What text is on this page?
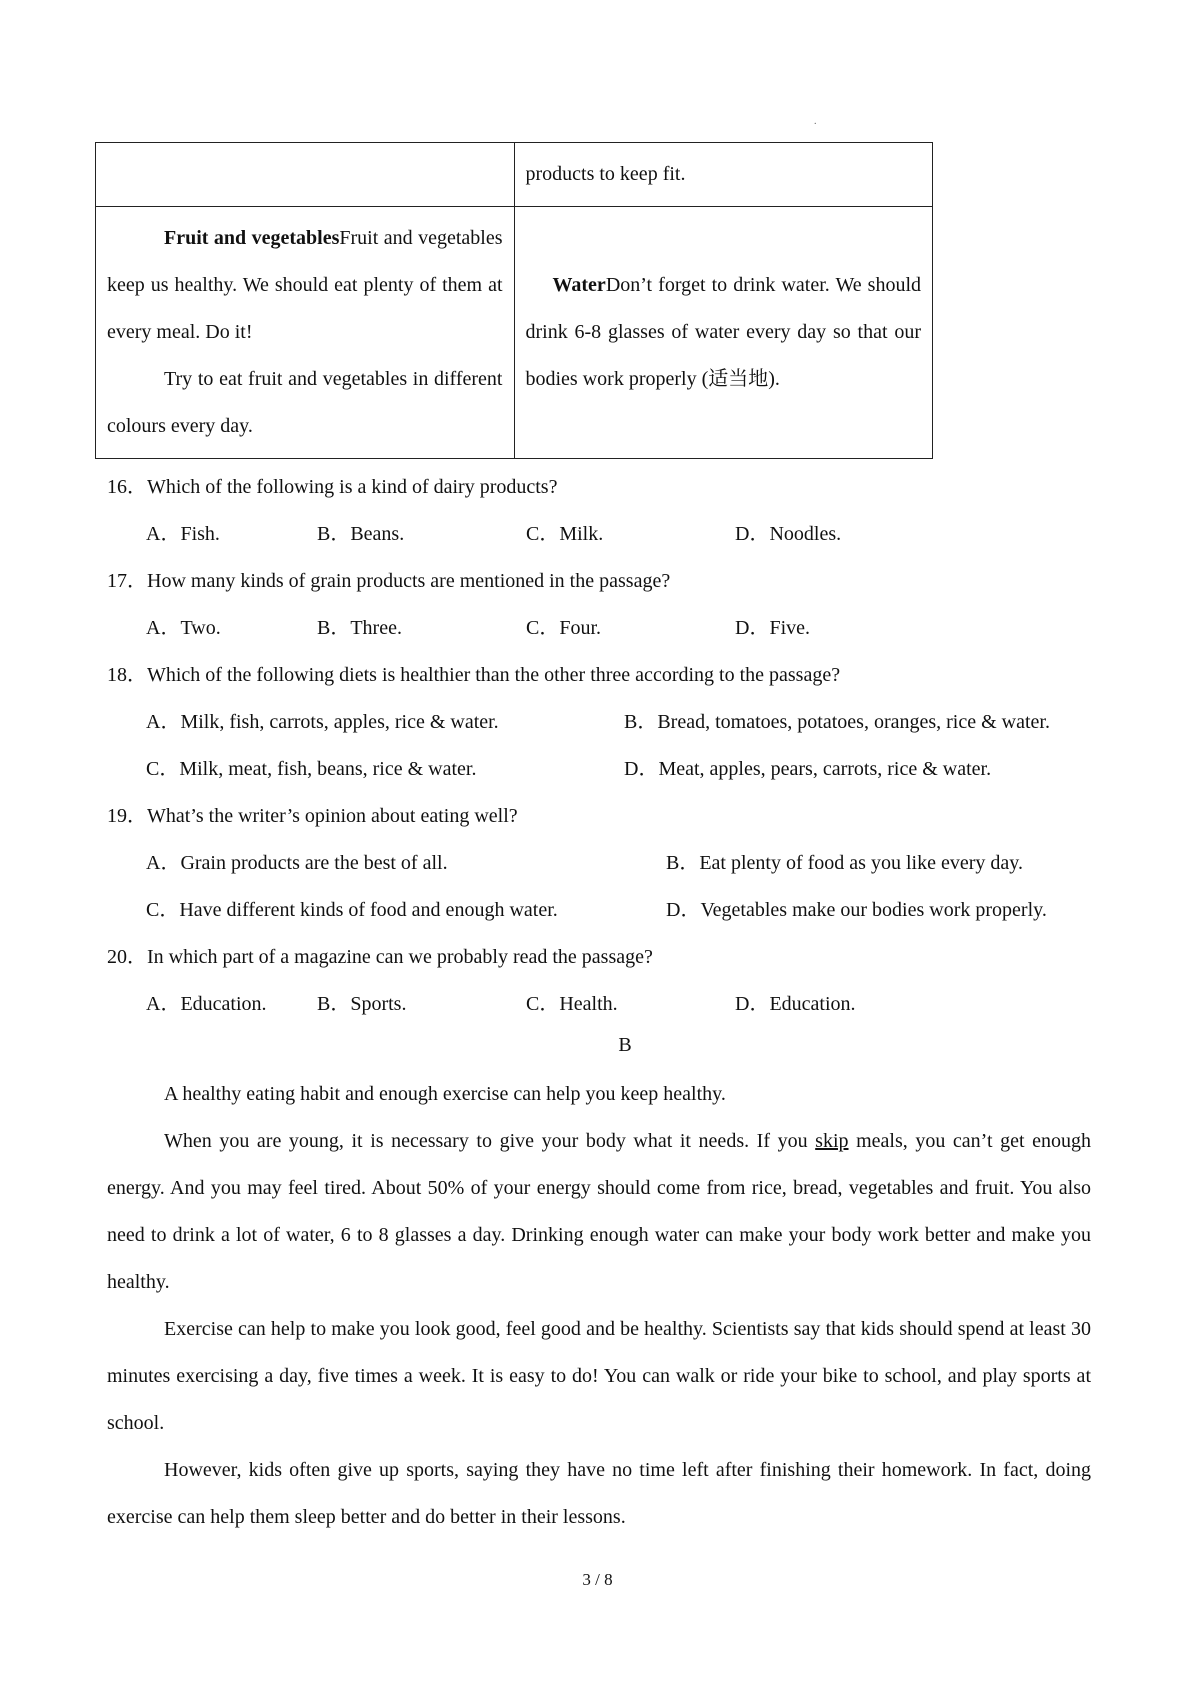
.
	products to keep fit.

Fruit and vegetablesFruit and vegetables keep us healthy. We should eat plenty of them at every meal. Do it!

Try to eat fruit and vegetables in different colours every day.	WaterDon’t forget to drink water. We should drink 6-8 glasses of water every day so that our bodies work properly (适当地).

16．Which of the following is a kind of dairy products?
A．Fish.	B．Beans.	C．Milk.	D．Noodles.
17．How many kinds of grain products are mentioned in the passage?
A．Two.	B．Three.	C．Four.	D．Five.
18．Which of the following diets is healthier than the other three according to the passage?
A．Milk, fish, carrots, apples, rice & water.	B．Bread, tomatoes, potatoes, oranges, rice & water.
C．Milk, meat, fish, beans, rice & water.	D．Meat, apples, pears, carrots, rice & water.
19．What’s the writer’s opinion about eating well?
A．Grain products are the best of all.	B．Eat plenty of food as you like every day.
C．Have different kinds of food and enough water.	D．Vegetables make our bodies work properly.
20．In which part of a magazine can we probably read the passage?
A．Education.	B．Sports.	C．Health.	D．Education.
B
A healthy eating habit and enough exercise can help you keep healthy.
When you are young, it is necessary to give your body what it needs. If you skip meals, you can’t get enough energy. And you may feel tired. About 50% of your energy should come from rice, bread, vegetables and fruit. You also need to drink a lot of water, 6 to 8 glasses a day. Drinking enough water can make your body work better and make you healthy.
Exercise can help to make you look good, feel good and be healthy. Scientists say that kids should spend at least 30 minutes exercising a day, five times a week. It is easy to do! You can walk or ride your bike to school, and play sports at school.
However, kids often give up sports, saying they have no time left after finishing their homework. In fact, doing exercise can help them sleep better and do better in their lessons.
3 / 8
